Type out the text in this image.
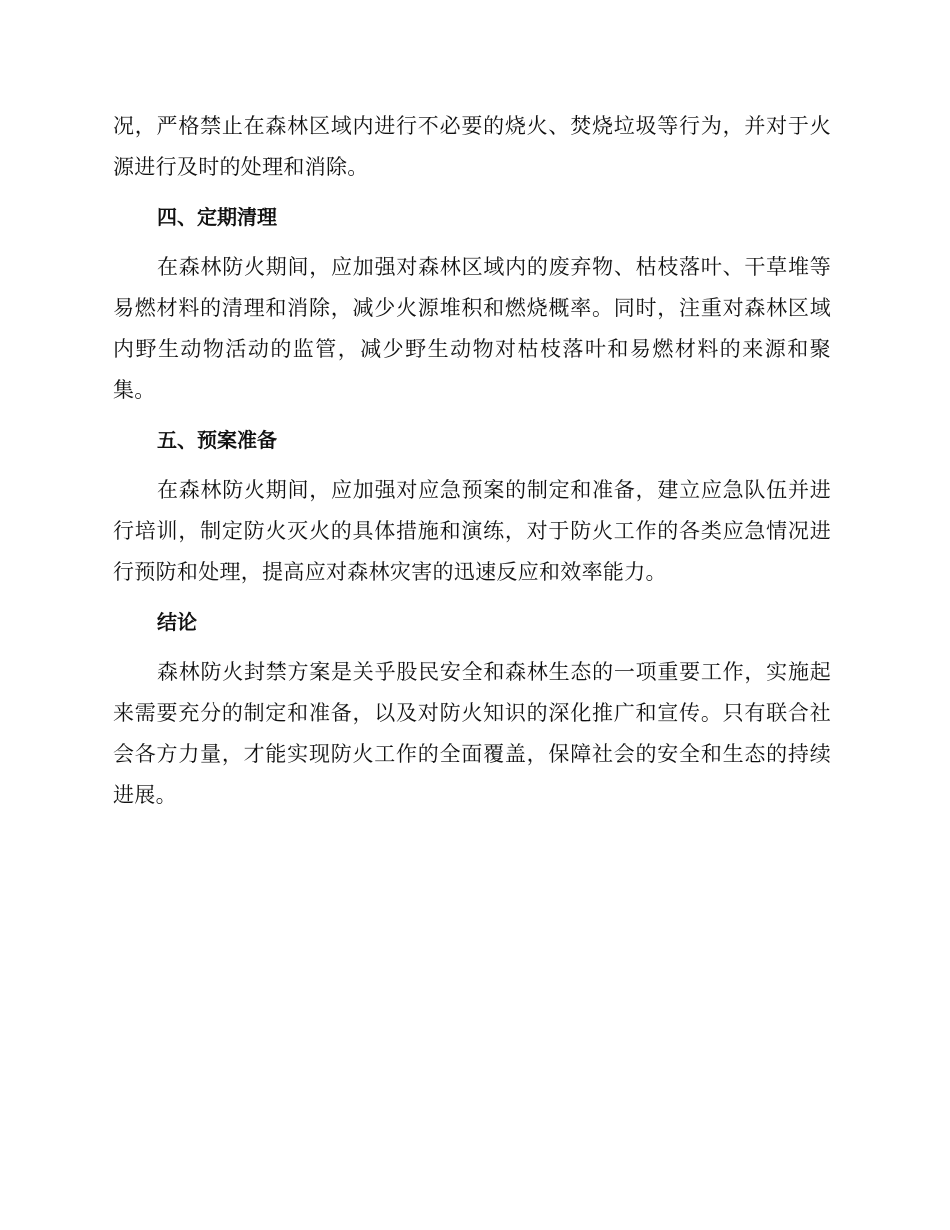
况，严格禁止在森林区域内进行不必要的烧火、焚烧垃圾等行为，并对于火源进行及时的处理和消除。

四、定期清理

在森林防火期间，应加强对森林区域内的废弃物、枯枝落叶、干草堆等易燃材料的清理和消除，减少火源堆积和燃烧概率。同时，注重对森林区域内野生动物活动的监管，减少野生动物对枯枝落叶和易燃材料的来源和聚集。

五、预案准备

在森林防火期间，应加强对应急预案的制定和准备，建立应急队伍并进行培训，制定防火灭火的具体措施和演练，对于防火工作的各类应急情况进行预防和处理，提高应对森林灾害的迅速反应和效率能力。

结论

森林防火封禁方案是关乎股民安全和森林生态的一项重要工作，实施起来需要充分的制定和准备，以及对防火知识的深化推广和宣传。只有联合社会各方力量，才能实现防火工作的全面覆盖，保障社会的安全和生态的持续进展。
